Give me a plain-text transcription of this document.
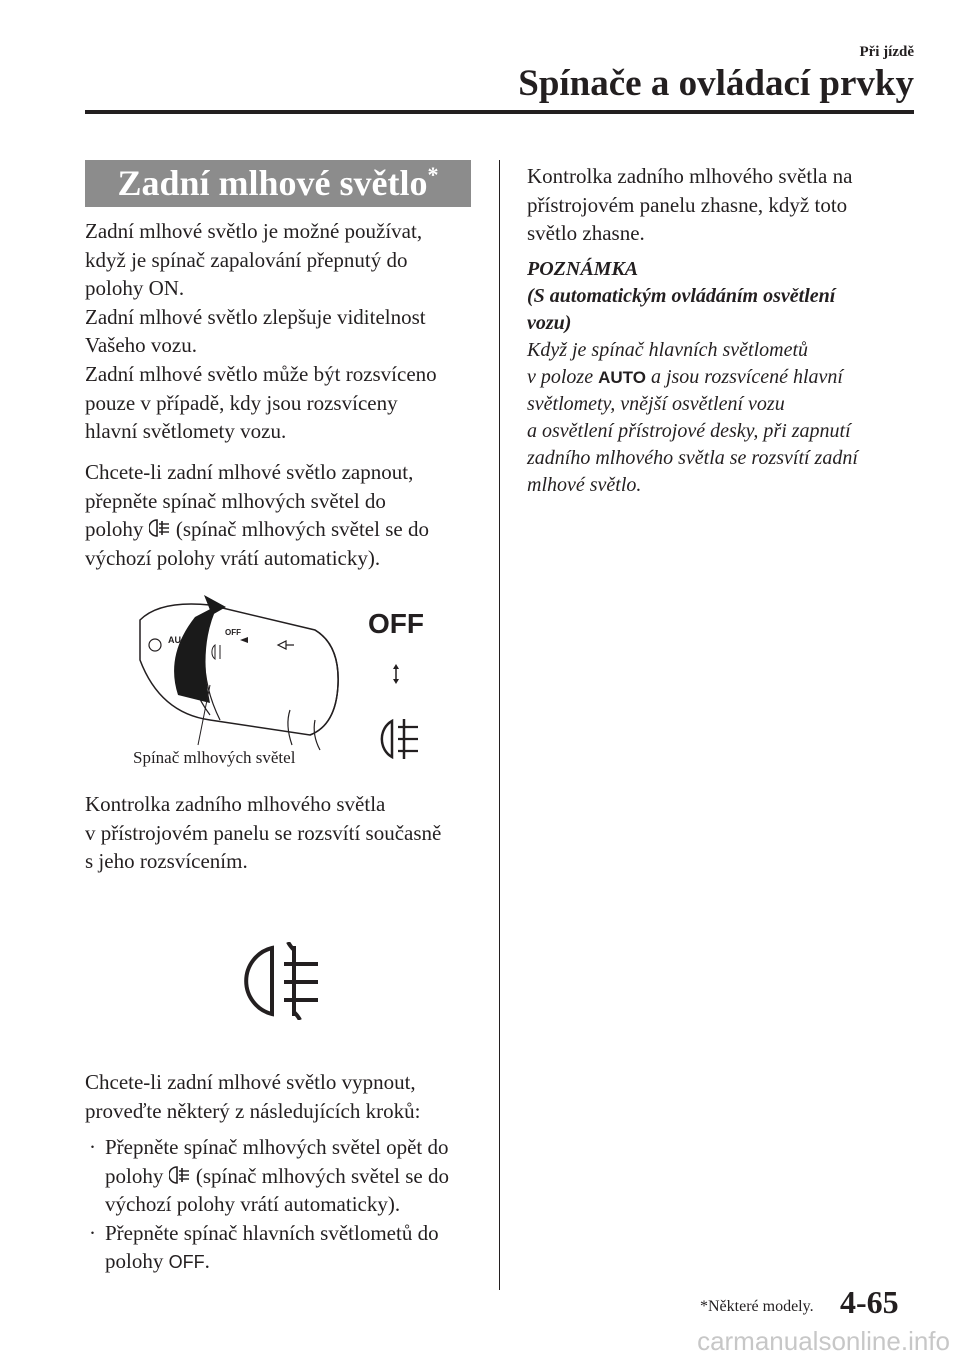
Při jízdě
Spínače a ovládací prvky
Zadní mlhové světlo*

Zadní mlhové světlo je možné používat,
když je spínač zapalování přepnutý do
polohy ON.
Zadní mlhové světlo zlepšuje viditelnost
Vašeho vozu.
Zadní mlhové světlo může být rozsvíceno
pouze v případě, kdy jsou rozsvíceny
hlavní světlomety vozu.

Chcete-li zadní mlhové světlo zapnout,
přepněte spínač mlhových světel do
polohy  (spínač mlhových světel se do
výchozí polohy vrátí automaticky).

AU
OFF	OFF
Spínač mlhových světel

Kontrolka zadního mlhového světla
v přístrojovém panelu se rozsvítí současně
s jeho rozsvícením.

Chcete-li zadní mlhové světlo vypnout,
proveďte některý z následujících kroků:

· Přepněte spínač mlhových světel opět do
polohy  (spínač mlhových světel se do
výchozí polohy vrátí automaticky).
· Přepněte spínač hlavních světlometů do
polohy OFF.

Kontrolka zadního mlhového světla na
přístrojovém panelu zhasne, když toto
světlo zhasne.

POZNÁMKA

(S automatickým ovládáním osvětlení
vozu)

Když je spínač hlavních světlometů
v poloze AUTO a jsou rozsvícené hlavní
světlomety, vnější osvětlení vozu
a osvětlení přístrojové desky, při zapnutí
zadního mlhového světla se rozsvítí zadní
mlhové světlo.

*Některé modely. 4-65
carmanualsonline.info
